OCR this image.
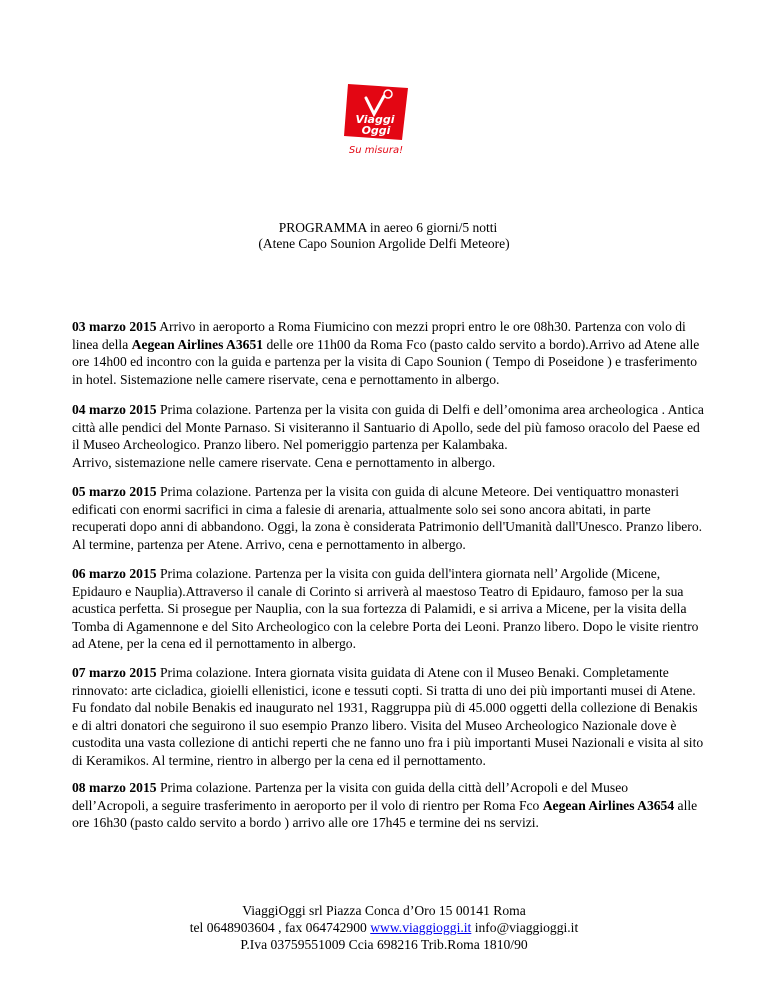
Viaggi
Oggi
Su misura!
PROGRAMMA in aereo 6 giorni/5 notti
(Atene Capo Sounion Argolide Delfi Meteore)
03 marzo 2015 Arrivo in aeroporto a Roma Fiumicino con mezzi propri entro le ore 08h30. Partenza con volo di linea della Aegean Airlines A3651 delle ore 11h00 da Roma Fco (pasto caldo servito a bordo).Arrivo ad Atene alle ore 14h00 ed incontro con la guida e partenza per la visita di Capo Sounion ( Tempo di Poseidone ) e trasferimento in hotel. Sistemazione nelle camere riservate, cena e pernottamento in albergo.
04 marzo 2015 Prima colazione. Partenza per la visita con guida di Delfi e dell’omonima area archeologica . Antica città alle pendici del Monte Parnaso. Si visiteranno il Santuario di Apollo, sede del più famoso oracolo del Paese ed il Museo Archeologico. Pranzo libero. Nel pomeriggio partenza per Kalambaka.
Arrivo, sistemazione nelle camere riservate. Cena e pernottamento in albergo.
05 marzo 2015 Prima colazione. Partenza per la visita con guida di alcune Meteore. Dei ventiquattro monasteri edificati con enormi sacrifici in cima a falesie di arenaria, attualmente solo sei sono ancora abitati, in parte recuperati dopo anni di abbandono. Oggi, la zona è considerata Patrimonio dell'Umanità dall'Unesco. Pranzo libero. Al termine, partenza per Atene. Arrivo, cena e pernottamento in albergo.
06 marzo 2015 Prima colazione. Partenza per la visita con guida dell'intera giornata nell’ Argolide (Micene, Epidauro e Nauplia).Attraverso il canale di Corinto si arriverà al maestoso Teatro di Epidauro, famoso per la sua acustica perfetta. Si prosegue per Nauplia, con la sua fortezza di Palamidi, e si arriva a Micene, per la visita della Tomba di Agamennone e del Sito Archeologico con la celebre Porta dei Leoni. Pranzo libero. Dopo le visite rientro ad Atene, per la cena ed il pernottamento in albergo.
07 marzo 2015 Prima colazione. Intera giornata visita guidata di Atene con il Museo Benaki. Completamente rinnovato: arte cicladica, gioielli ellenistici, icone e tessuti copti. Si tratta di uno dei più importanti musei di Atene. Fu fondato dal nobile Benakis ed inaugurato nel 1931, Raggruppa più di 45.000 oggetti della collezione di Benakis e di altri donatori che seguirono il suo esempio Pranzo libero. Visita del Museo Archeologico Nazionale dove è custodita una vasta collezione di antichi reperti che ne fanno uno fra i più importanti Musei Nazionali e visita al sito di Keramikos. Al termine, rientro in albergo per la cena ed il pernottamento.
08 marzo 2015 Prima colazione. Partenza per la visita con guida della città dell’Acropoli e del Museo dell’Acropoli, a seguire trasferimento in aeroporto per il volo di rientro per Roma Fco Aegean Airlines A3654 alle ore 16h30 (pasto caldo servito a bordo ) arrivo alle ore 17h45 e termine dei ns servizi.
ViaggiOggi srl Piazza Conca d’Oro 15 00141 Roma
tel 0648903604 , fax 064742900 www.viaggioggi.it info@viaggioggi.it
P.Iva 03759551009 Ccia 698216 Trib.Roma 1810/90
